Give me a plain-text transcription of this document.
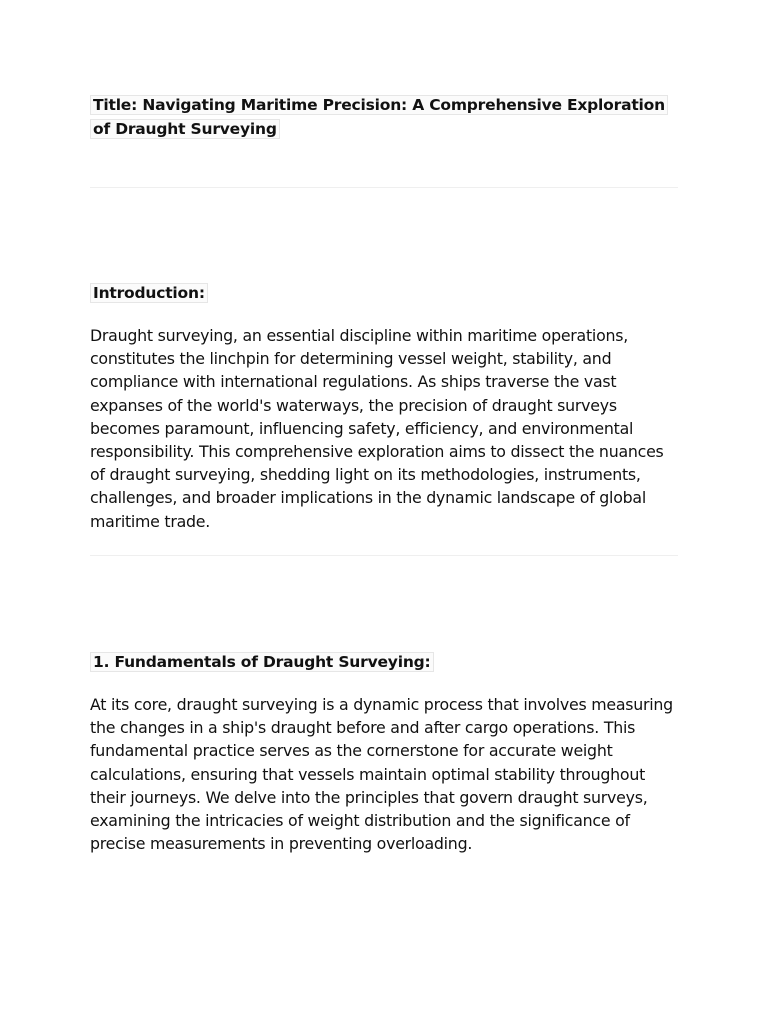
Title: Navigating Maritime Precision: A Comprehensive Exploration of Draught Surveying
Introduction:

Draught surveying, an essential discipline within maritime operations, constitutes the linchpin for determining vessel weight, stability, and compliance with international regulations. As ships traverse the vast expanses of the world's waterways, the precision of draught surveys becomes paramount, influencing safety, efficiency, and environmental responsibility. This comprehensive exploration aims to dissect the nuances of draught surveying, shedding light on its methodologies, instruments, challenges, and broader implications in the dynamic landscape of global maritime trade.

1. Fundamentals of Draught Surveying:

At its core, draught surveying is a dynamic process that involves measuring the changes in a ship's draught before and after cargo operations. This fundamental practice serves as the cornerstone for accurate weight calculations, ensuring that vessels maintain optimal stability throughout their journeys. We delve into the principles that govern draught surveys, examining the intricacies of weight distribution and the significance of precise measurements in preventing overloading.
